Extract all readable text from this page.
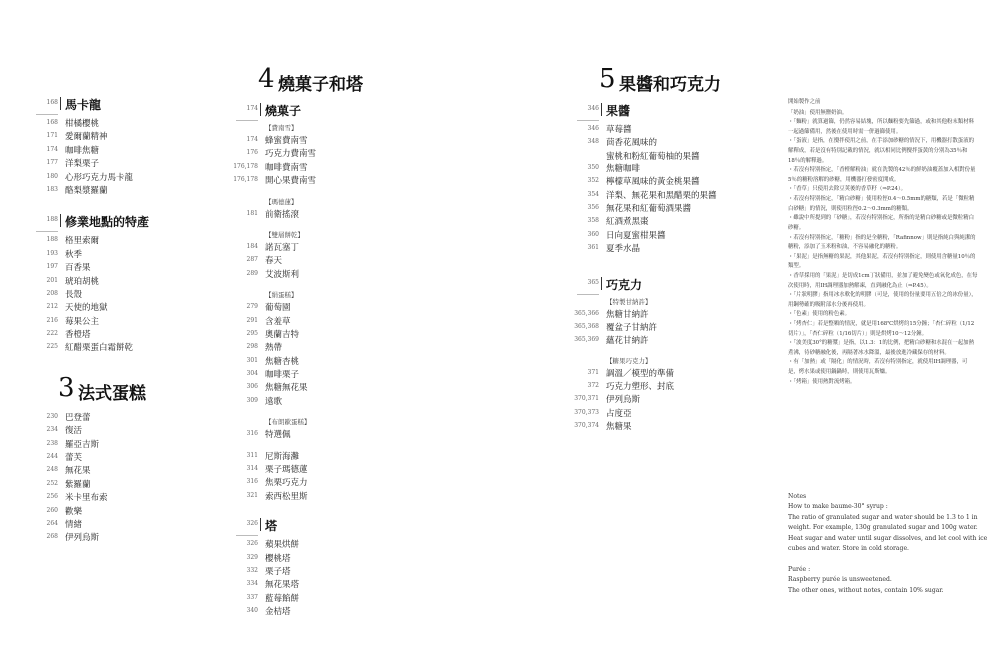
168 馬卡龍
168 柑橘櫻桃
171 愛爾蘭精神
174 咖啡焦糖
177 洋梨栗子
180 心形巧克力馬卡龍
183 酪梨漿羅蘭
188 修業地點的特產
188 格里索爾
193 秋季
197 百香果
201 琥珀胡桃
208 長殼
212 天使的地獄
216 莓果公主
222 香橙塔
225 紅醋栗蛋白霜餅乾
3 法式蛋糕
230 巴登蕾
234 復活
238 羅亞吉斯
244 蕾芙
248 無花果
252 紫羅蘭
256 米卡里布索
260 歡樂
264 情緒
268 伊列烏斯
4 燒菓子和塔
174 燒菓子
【費南雪】
174 蜂蜜費南雪
176 巧克力費南雪
176,178 咖啡費南雪
176,178 開心果費南雪
【瑪德蓮】
181 前衛搖滾
【雙層餅乾】
184 諾瓦塞丁
287 春天
289 艾波斯利
【絹蛋糕】
279 葡萄園
291 含羞草
295 奧蘭吉特
298 熱帶
301 焦糖杏桃
304 咖啡栗子
306 焦糖無花果
309 遠歌
【布朗歐蛋糕】
316 特選佩
311 尼斯海灘
314 栗子瑪德蓮
316 焦栗巧克力
321 索西松里斯
326 塔
326 蘋果烘餅
329 櫻桃塔
332 栗子塔
334 無花果塔
337 藍莓餡餅
340 金桔塔
5 果醬和巧克力
346 果醬
346 草莓醬
348 茴香花風味的
蜜桃和粉紅葡萄柚的果醬
350 焦糖咖啡
352 檸檬草風味的黃金桃果醬
354 洋梨、無花果和黑醋栗的果醬
356 無花果和紅葡萄酒果醬
358 紅酒煮黑棗
360 日向夏蜜柑果醬
361 夏季水晶
365 巧克力
【特製甘納許】
365,366 焦糖甘納許
365,368 覆盆子甘納許
365,369 蘊花甘納許
【糖果巧克力】
371 調溫／模型的準備
372 巧克力塑形、封底
370,371 伊列烏斯
370,373 占度亞
370,374 焦糖果

開始製作之前

「奶油」使用無鹽奶油。

・「麵粉」就算過篩，仍然容易結塊，所以麵粉要先篩過，或和其他粉末類材料一起過篩備用，然後在使用時需一併過篩使用。

・「蛋液」是指，在攪拌使用之前，在手添加砂糖的情況下，用機器打散蛋液的解釋成，若是沒有特別記載的情況，就以相同比例攪拌蛋黃的分別為35％和18％的解釋過。

・若沒有特別指定，「香橙解粉油」就在洗製的42％的鮮奶油覆蓋加入相對份量5％的糖粉溶解的砂糖，用機器打發密度開成。

・「香草」只使用去除豆莢後的香草籽（⇒P.24）。

・若沒有特別指定，「精白砂糖」使用粒徑0.4～0.5mm的糖類，若是「微粒精白砂糖」的情況，則使用粒徑0.2～0.3mm的糖類。

・雖說中所提到的「砂糖」，若沒有特別指定，所指的是精白砂糖或是微粒精白砂糖。

・若沒有特別指定，「糖粉」指的是全糖粉，「Rafinnow」則是指純白與純潔的糖粉，添加了玉米粉和油，不容易融化的糖粉。

・「果泥」是指無糖的果泥，其他果泥，若沒有特別指定，則使用含糖量10％的類型。

・香草採用的「果泥」是切成1cm丁狀備用，並加了避免變色或氧化成色，在每次使用時，用IH調理器加熱解凍，直到融化為止（⇒P.45）。

・「片狀明膠」指用冰水軟化的明膠（可是，使用的份量要用五倍之的冰份量），用鋼勢確的吸附部水分後再使用。

・「色素」使用的粉色素。

・「烤杏仁」若是整顆的情況，就是用168℃烘烤約15分鐘；「杏仁碎粒（1/12切片）」，「杏仁碎粒（1/16切片）」則是烘烤10～12分鐘。

・「波美度30°的糖漿」是指，以1.3：1的比例，把精白砂糖和水混在一起加熱煮沸，待砂糖融化後，再隔著冰水降溫，最後放進冷藏保存的材料。

・有「加熱」或「隔化」的情況時，若沒有特別指定，就使用IH調理器，可是，烤水果或使用鍋鍋時，則使用瓦斯爐。

・「烤箱」使用熱對流烤箱。

Notes

How to make baume-30° syrup :

The ratio of granulated sugar and water should be 1.3 to 1 in

weight. For example, 130g granulated sugar and 100g water.

Heat sugar and water until sugar dissolves, and let cool with ice

cubes and water. Store in cold storage.

Purée :

Raspberry purée is unsweetened.

The other ones, without notes, contain 10% sugar.
